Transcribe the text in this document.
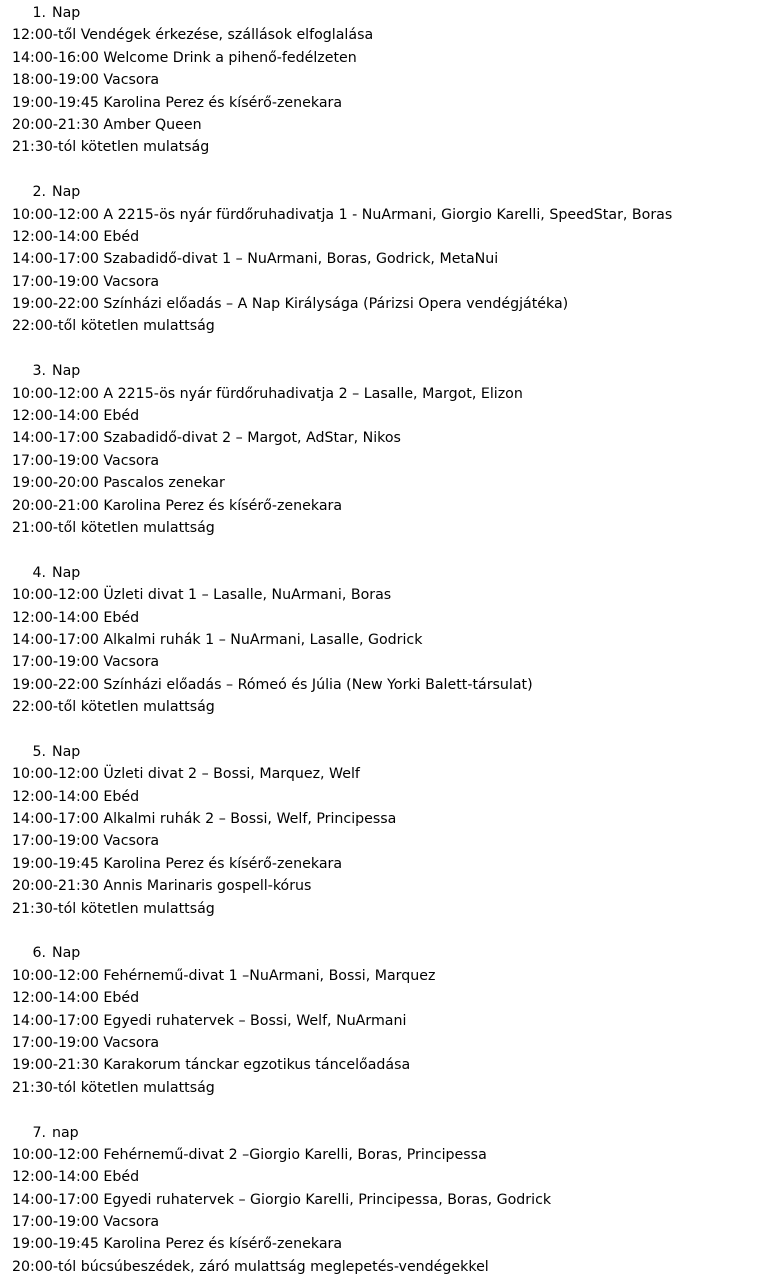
1. Nap
12:00-től Vendégek érkezése, szállások elfoglalása
14:00-16:00 Welcome Drink a pihenő-fedélzeten
18:00-19:00 Vacsora
19:00-19:45 Karolina Perez és kísérő-zenekara
20:00-21:30 Amber Queen
21:30-tól kötetlen mulatság
2. Nap
10:00-12:00 A 2215-ös nyár fürdőruhadivatja 1 - NuArmani, Giorgio Karelli, SpeedStar, Boras
12:00-14:00 Ebéd
14:00-17:00 Szabadidő-divat 1 – NuArmani, Boras, Godrick, MetaNui
17:00-19:00 Vacsora
19:00-22:00 Színházi előadás – A Nap Királysága (Párizsi Opera vendégjátéka)
22:00-től kötetlen mulattság
3. Nap
10:00-12:00 A 2215-ös nyár fürdőruhadivatja 2 – Lasalle, Margot, Elizon
12:00-14:00 Ebéd
14:00-17:00 Szabadidő-divat 2 – Margot, AdStar, Nikos
17:00-19:00 Vacsora
19:00-20:00 Pascalos zenekar
20:00-21:00 Karolina Perez és kísérő-zenekara
21:00-től kötetlen mulattság
4. Nap
10:00-12:00 Üzleti divat 1 – Lasalle, NuArmani, Boras
12:00-14:00 Ebéd
14:00-17:00 Alkalmi ruhák 1 – NuArmani, Lasalle, Godrick
17:00-19:00 Vacsora
19:00-22:00 Színházi előadás – Rómeó és Júlia (New Yorki Balett-társulat)
22:00-től kötetlen mulattság
5. Nap
10:00-12:00 Üzleti divat 2 – Bossi, Marquez, Welf
12:00-14:00 Ebéd
14:00-17:00 Alkalmi ruhák 2 – Bossi, Welf, Principessa
17:00-19:00 Vacsora
19:00-19:45 Karolina Perez és kísérő-zenekara
20:00-21:30 Annis Marinaris gospell-kórus
21:30-tól kötetlen mulattság
6. Nap
10:00-12:00 Fehérnemű-divat 1 –NuArmani, Bossi, Marquez
12:00-14:00 Ebéd
14:00-17:00 Egyedi ruhatervek – Bossi, Welf, NuArmani
17:00-19:00 Vacsora
19:00-21:30 Karakorum tánckar egzotikus táncelőadása
21:30-tól kötetlen mulattság
7. nap
10:00-12:00 Fehérnemű-divat 2 –Giorgio Karelli, Boras, Principessa
12:00-14:00 Ebéd
14:00-17:00 Egyedi ruhatervek – Giorgio Karelli, Principessa, Boras, Godrick
17:00-19:00 Vacsora
19:00-19:45 Karolina Perez és kísérő-zenekara
20:00-tól búcsúbeszédek, záró mulattság meglepetés-vendégekkel
